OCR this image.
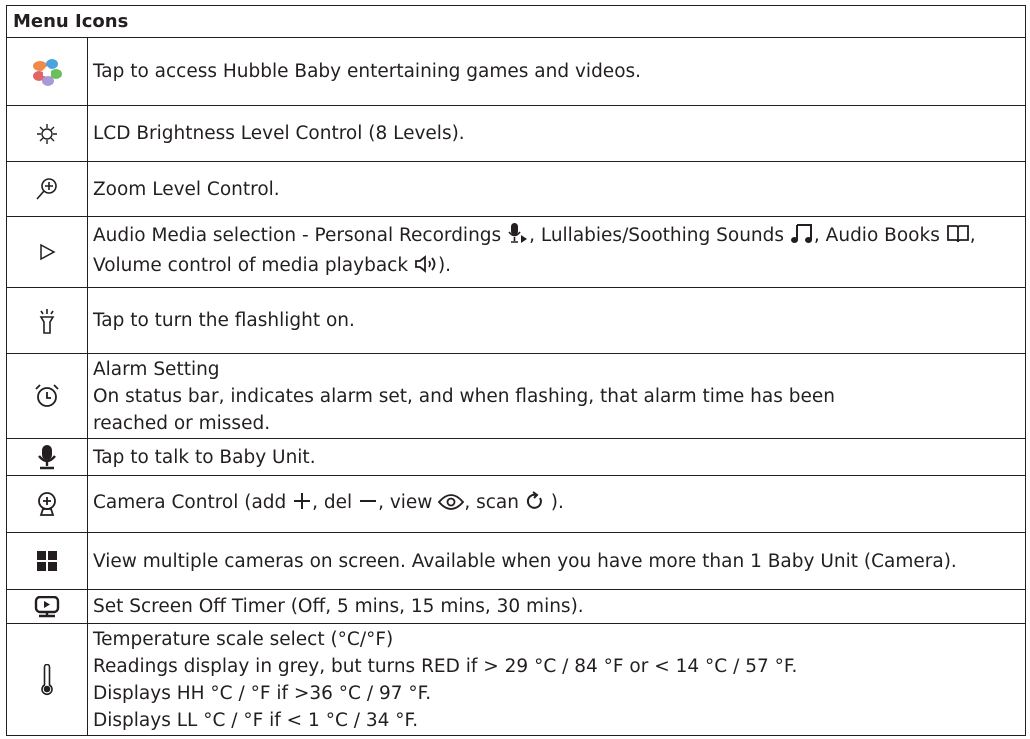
Menu Icons	

	Tap to access Hubble Baby entertaining games and videos.

	LCD Brightness Level Control (8 Levels).

	Zoom Level Control.

	Audio Media selection - Personal Recordings , Lullabies/Soothing Sounds , Audio Books , Volume control of media playback ).

	Tap to turn the flashlight on.

Alarm Setting
On status bar, indicates alarm set, and when flashing, that alarm time has been
reached or missed.

	Tap to talk to Baby Unit.

	Camera Control (add , del , view , scan  ).

	View multiple cameras on screen. Available when you have more than 1 Baby Unit (Camera).

	Set Screen Off Timer (Off, 5 mins, 15 mins, 30 mins).

Temperature scale select (°C/°F)
Readings display in grey, but turns RED if > 29 °C / 84 °F or < 14 °C / 57 °F.
Displays HH °C / °F if >36 °C / 97 °F.
Displays LL °C / °F if < 1 °C / 34 °F.
